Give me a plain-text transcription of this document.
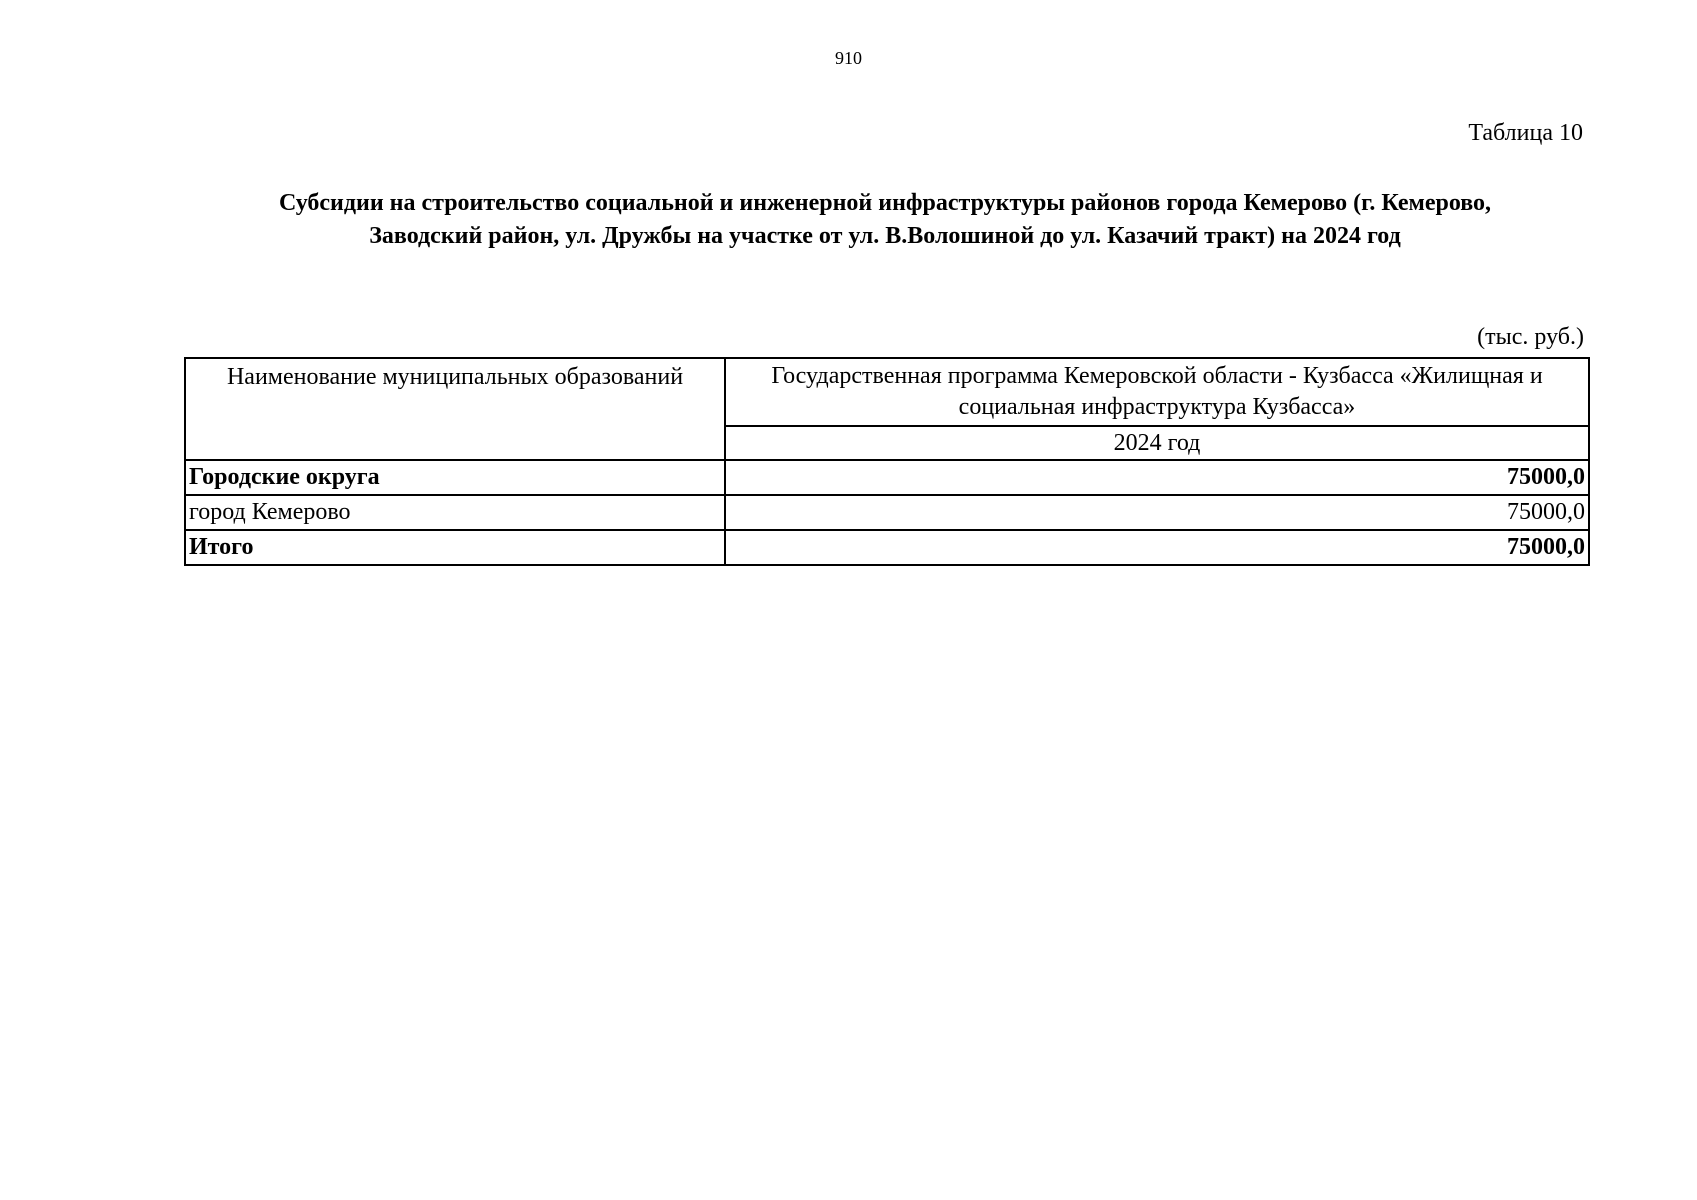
910
Таблица 10
Субсидии на строительство социальной и инженерной инфраструктуры районов города Кемерово (г. Кемерово,
Заводский район, ул. Дружбы на участке от ул. В.Волошиной до ул. Казачий тракт) на 2024 год
(тыс. руб.)
Наименование муниципальных образований	Государственная программа Кемеровской области - Кузбасса «Жилищная и социальная инфраструктура Кузбасса»
	2024 год
Городские округа	75000,0
город Кемерово	75000,0
Итого	75000,0
